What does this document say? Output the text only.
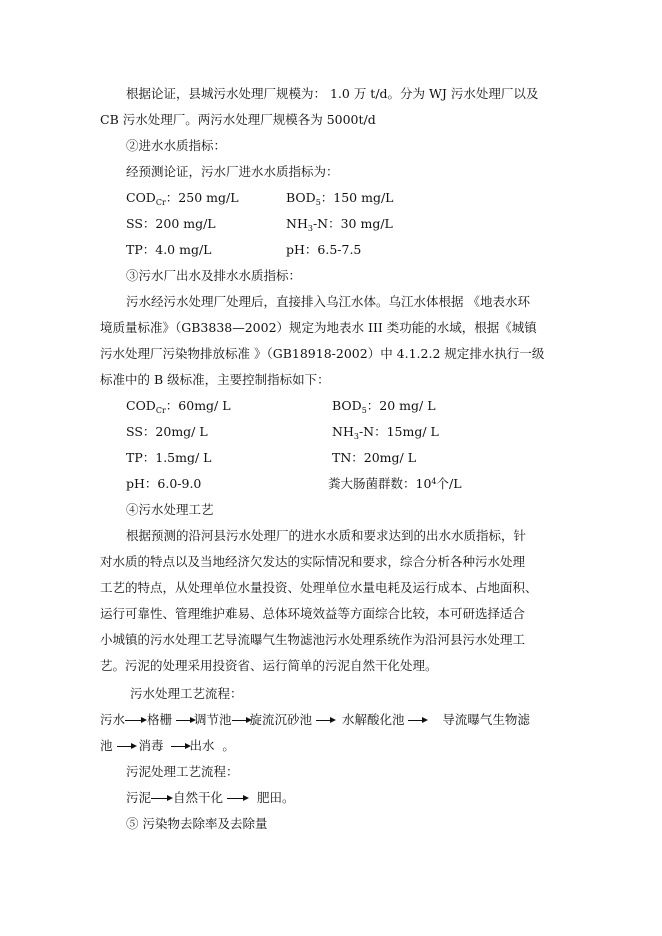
根据论证，县城污水处理厂规模为： 1.0 万 t/d。分为 WJ 污水处理厂以及
CB 污水处理厂。两污水处理厂规模各为 5000t/d
②进水水质指标：
经预测论证，污水厂进水水质指标为：
$COD_{Cr}$：250 mg/L	$BOD_5$：150 mg/L
SS：200 mg/L	$NH_3-N$：30 mg/L
TP：4.0 mg/L	pH：6.5-7.5
③污水厂出水及排水水质指标：
污水经污水处理厂处理后，直接排入乌江水体。乌江水体根据 《地表水环
境质量标准》（GB3838—2002）规定为地表水 III 类功能的水域，根据《城镇
污水处理厂污染物排放标准 》（GB18918-2002）中 4.1.2.2 规定排水执行一级
标准中的 B 级标准，主要控制指标如下：
$COD_{Cr}$：60mg/ L	$BOD_5$：20 mg/ L
SS：20mg/ L	$NH_3-N$：15mg/ L
TP：1.5mg/ L	TN：20mg/ L
pH：6.0-9.0	粪大肠菌群数：$10^4$个/L
④污水处理工艺
根据预测的沿河县污水处理厂的进水水质和要求达到的出水水质指标，针
对水质的特点以及当地经济欠发达的实际情况和要求，综合分析各种污水处理
工艺的特点，从处理单位水量投资、处理单位水量电耗及运行成本、占地面积、
运行可靠性、管理维护难易、总体环境效益等方面综合比较，本可研选择适合
小城镇的污水处理工艺导流曝气生物滤池污水处理系统作为沿河县污水处理工
艺。污泥的处理采用投资省、运行简单的污泥自然干化处理。
污水处理工艺流程：
污水 格栅 调节池 旋流沉砂池 水解酸化池	导流曝气生物滤
池 消毒 出水 。
污泥处理工艺流程：
污泥 自然干化	肥田。
⑤ 污染物去除率及去除量
